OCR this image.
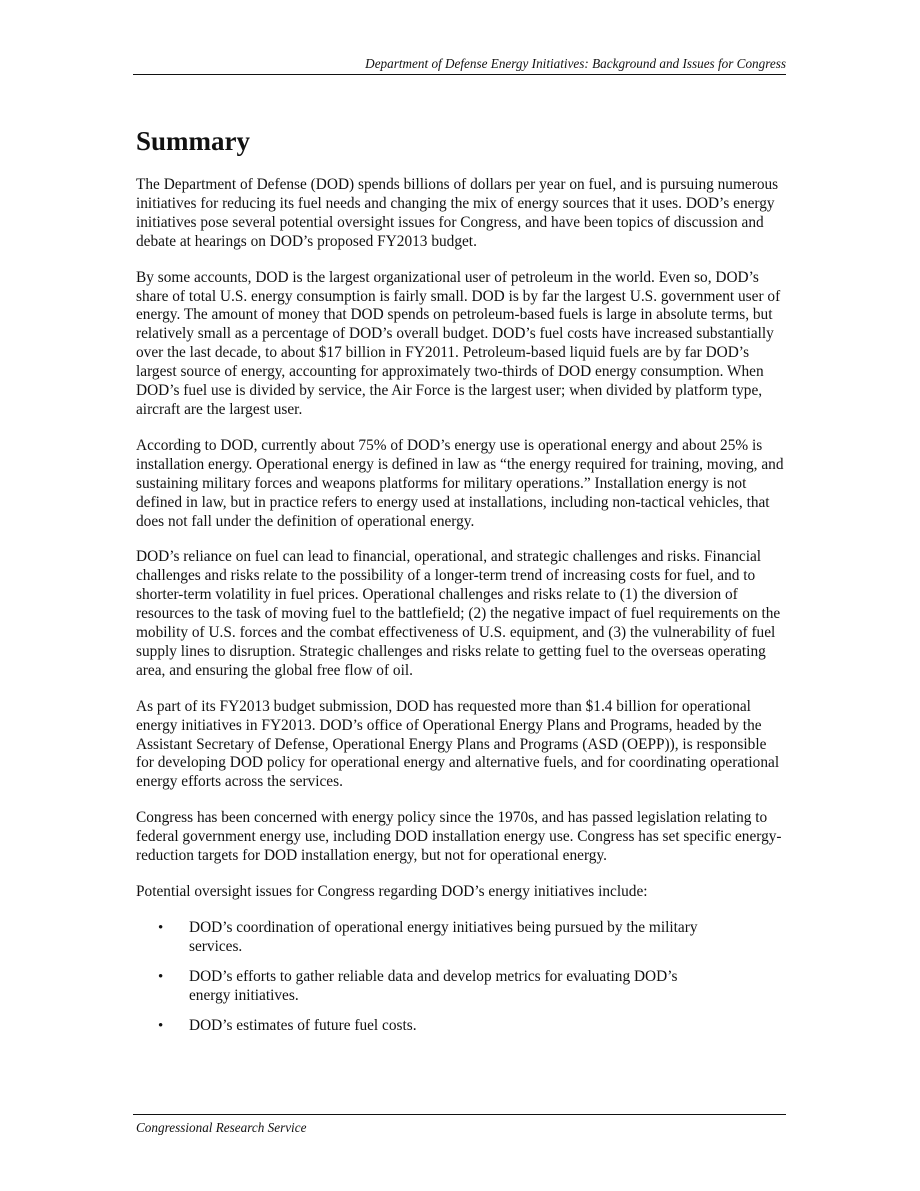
Department of Defense Energy Initiatives: Background and Issues for Congress
Summary

The Department of Defense (DOD) spends billions of dollars per year on fuel, and is pursuing numerous initiatives for reducing its fuel needs and changing the mix of energy sources that it uses. DOD’s energy initiatives pose several potential oversight issues for Congress, and have been topics of discussion and debate at hearings on DOD’s proposed FY2013 budget.

By some accounts, DOD is the largest organizational user of petroleum in the world. Even so, DOD’s share of total U.S. energy consumption is fairly small. DOD is by far the largest U.S. government user of energy. The amount of money that DOD spends on petroleum-based fuels is large in absolute terms, but relatively small as a percentage of DOD’s overall budget. DOD’s fuel costs have increased substantially over the last decade, to about $17 billion in FY2011. Petroleum-based liquid fuels are by far DOD’s largest source of energy, accounting for approximately two-thirds of DOD energy consumption. When DOD’s fuel use is divided by service, the Air Force is the largest user; when divided by platform type, aircraft are the largest user.

According to DOD, currently about 75% of DOD’s energy use is operational energy and about 25% is installation energy. Operational energy is defined in law as “the energy required for training, moving, and sustaining military forces and weapons platforms for military operations.” Installation energy is not defined in law, but in practice refers to energy used at installations, including non-tactical vehicles, that does not fall under the definition of operational energy.

DOD’s reliance on fuel can lead to financial, operational, and strategic challenges and risks. Financial challenges and risks relate to the possibility of a longer-term trend of increasing costs for fuel, and to shorter-term volatility in fuel prices. Operational challenges and risks relate to (1) the diversion of resources to the task of moving fuel to the battlefield; (2) the negative impact of fuel requirements on the mobility of U.S. forces and the combat effectiveness of U.S. equipment, and (3) the vulnerability of fuel supply lines to disruption. Strategic challenges and risks relate to getting fuel to the overseas operating area, and ensuring the global free flow of oil.

As part of its FY2013 budget submission, DOD has requested more than $1.4 billion for operational energy initiatives in FY2013. DOD’s office of Operational Energy Plans and Programs, headed by the Assistant Secretary of Defense, Operational Energy Plans and Programs (ASD (OEPP)), is responsible for developing DOD policy for operational energy and alternative fuels, and for coordinating operational energy efforts across the services.

Congress has been concerned with energy policy since the 1970s, and has passed legislation relating to federal government energy use, including DOD installation energy use. Congress has set specific energy-reduction targets for DOD installation energy, but not for operational energy.

Potential oversight issues for Congress regarding DOD’s energy initiatives include:

• DOD’s coordination of operational energy initiatives being pursued by the military services.
• DOD’s efforts to gather reliable data and develop metrics for evaluating DOD’s energy initiatives.
• DOD’s estimates of future fuel costs.
Congressional Research Service
